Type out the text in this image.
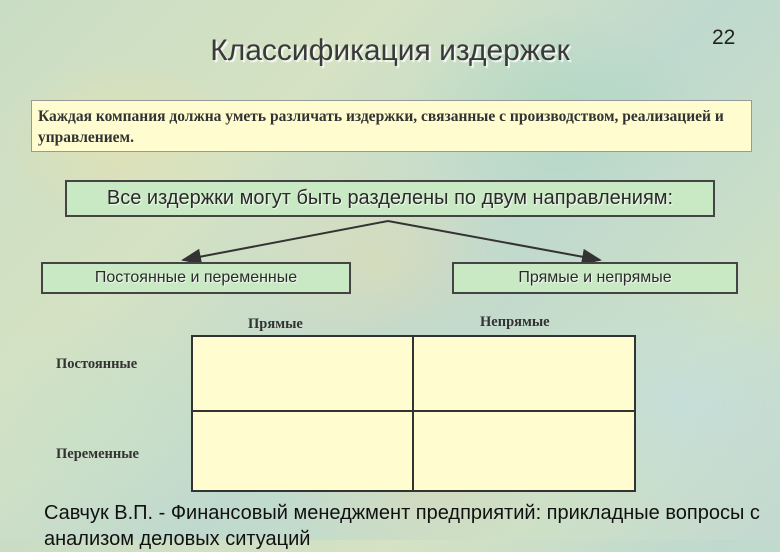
22
Классификация издержек
Каждая компания должна уметь различать издержки, связанные с производством, реализацией и управлением.
Все издержки могут быть разделены по двум направлениям:
Постоянные и переменные	Прямые и непрямые
Прямые	Непрямые
Постоянные
Переменные
Савчук В.П. - Финансовый менеджмент предприятий: прикладные вопросы с анализом деловых ситуаций
